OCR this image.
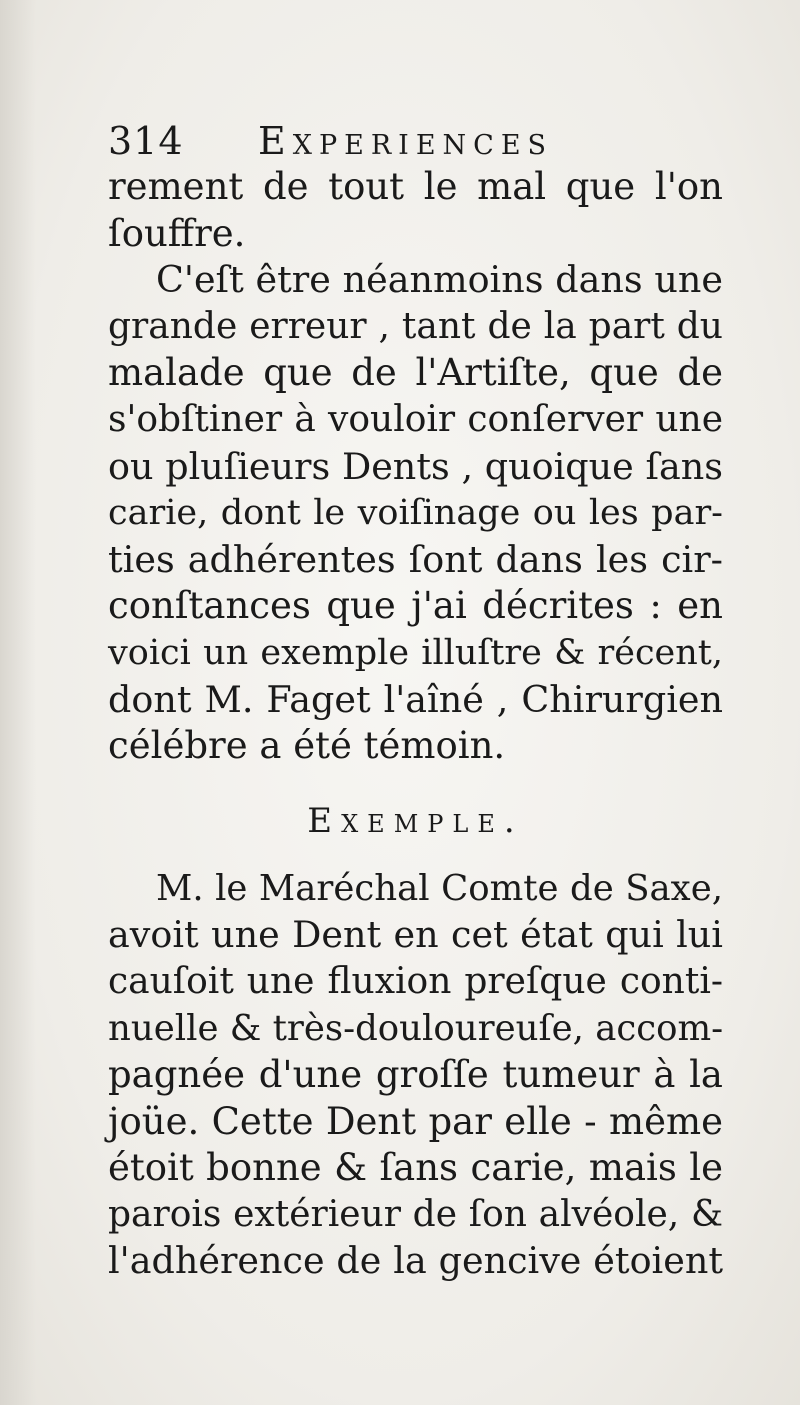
314	Experiences
rement de tout le mal que l'on
ſouffre.
C'eſt être néanmoins dans une
grande erreur , tant de la part du
malade que de l'Artiſte, que de
s'obſtiner à vouloir conſerver une
ou pluſieurs Dents , quoique ſans
carie, dont le voiſinage ou les par-
ties adhérentes ſont dans les cir-
conſtances que j'ai décrites : en
voici un exemple illuſtre & récent,
dont M. Faget l'aîné , Chirurgien
célébre a été témoin.
Exemple.
M. le Maréchal Comte de Saxe,
avoit une Dent en cet état qui lui
cauſoit une fluxion preſque conti-
nuelle & très-douloureuſe, accom-
pagnée d'une groſſe tumeur à la
joüe. Cette Dent par elle - même
étoit bonne & ſans carie, mais le
parois extérieur de ſon alvéole, &
l'adhérence de la gencive étoient
